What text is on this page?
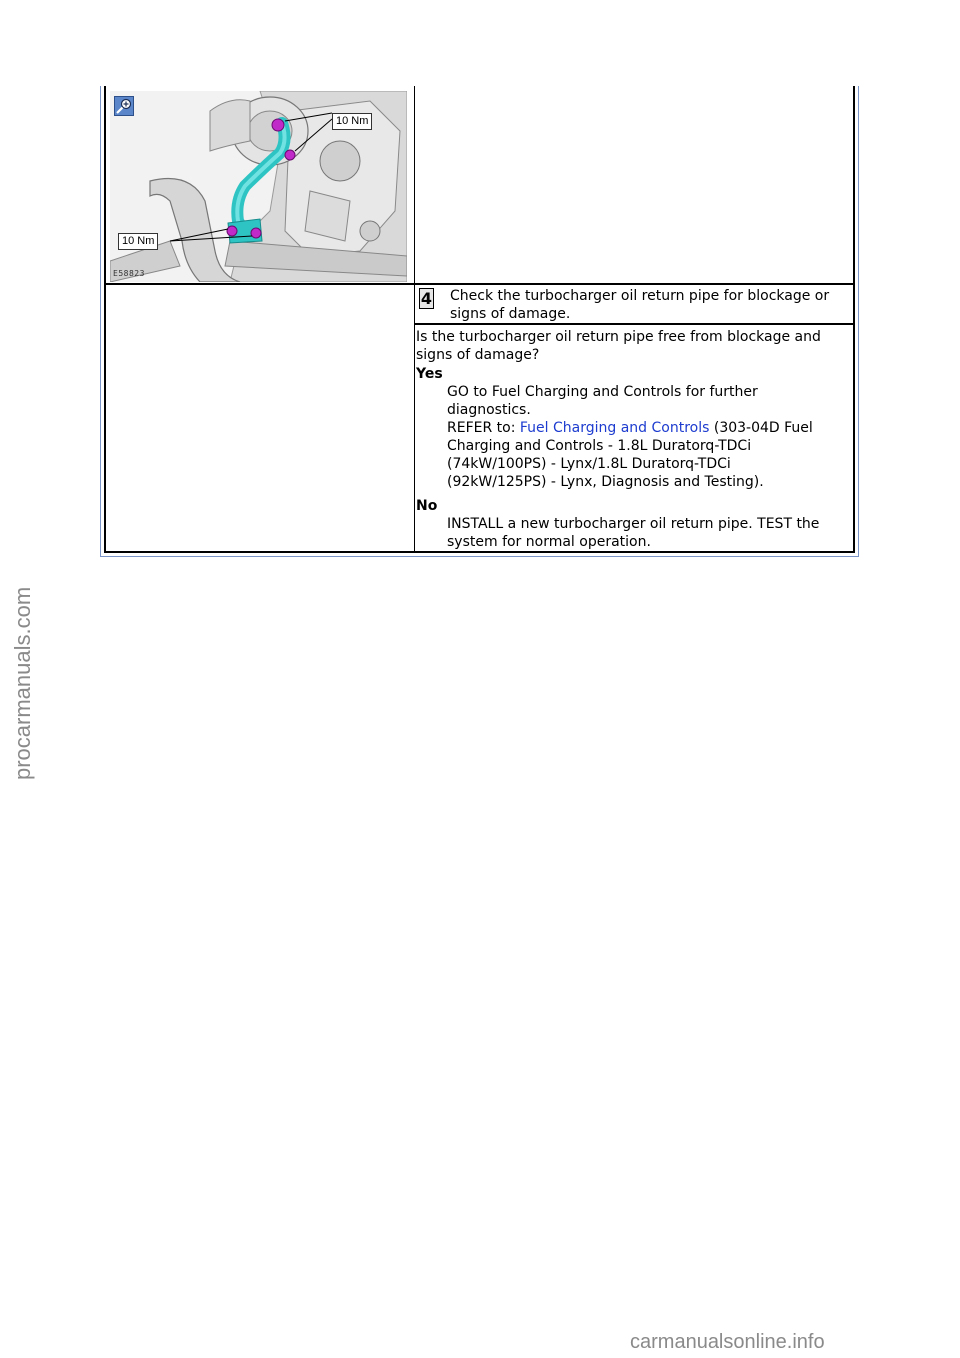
10 Nm
10 Nm
E58823
4 Check the turbocharger oil return pipe for blockage or signs of damage.
Is the turbocharger oil return pipe free from blockage and signs of damage?
Yes
GO to Fuel Charging and Controls for further diagnostics.
REFER to: Fuel Charging and Controls (303-04D Fuel Charging and Controls - 1.8L Duratorq-TDCi (74kW/100PS) - Lynx/1.8L Duratorq-TDCi (92kW/125PS) - Lynx, Diagnosis and Testing).
No
INSTALL a new turbocharger oil return pipe. TEST the system for normal operation.
procarmanuals.com
carmanualsonline.info
